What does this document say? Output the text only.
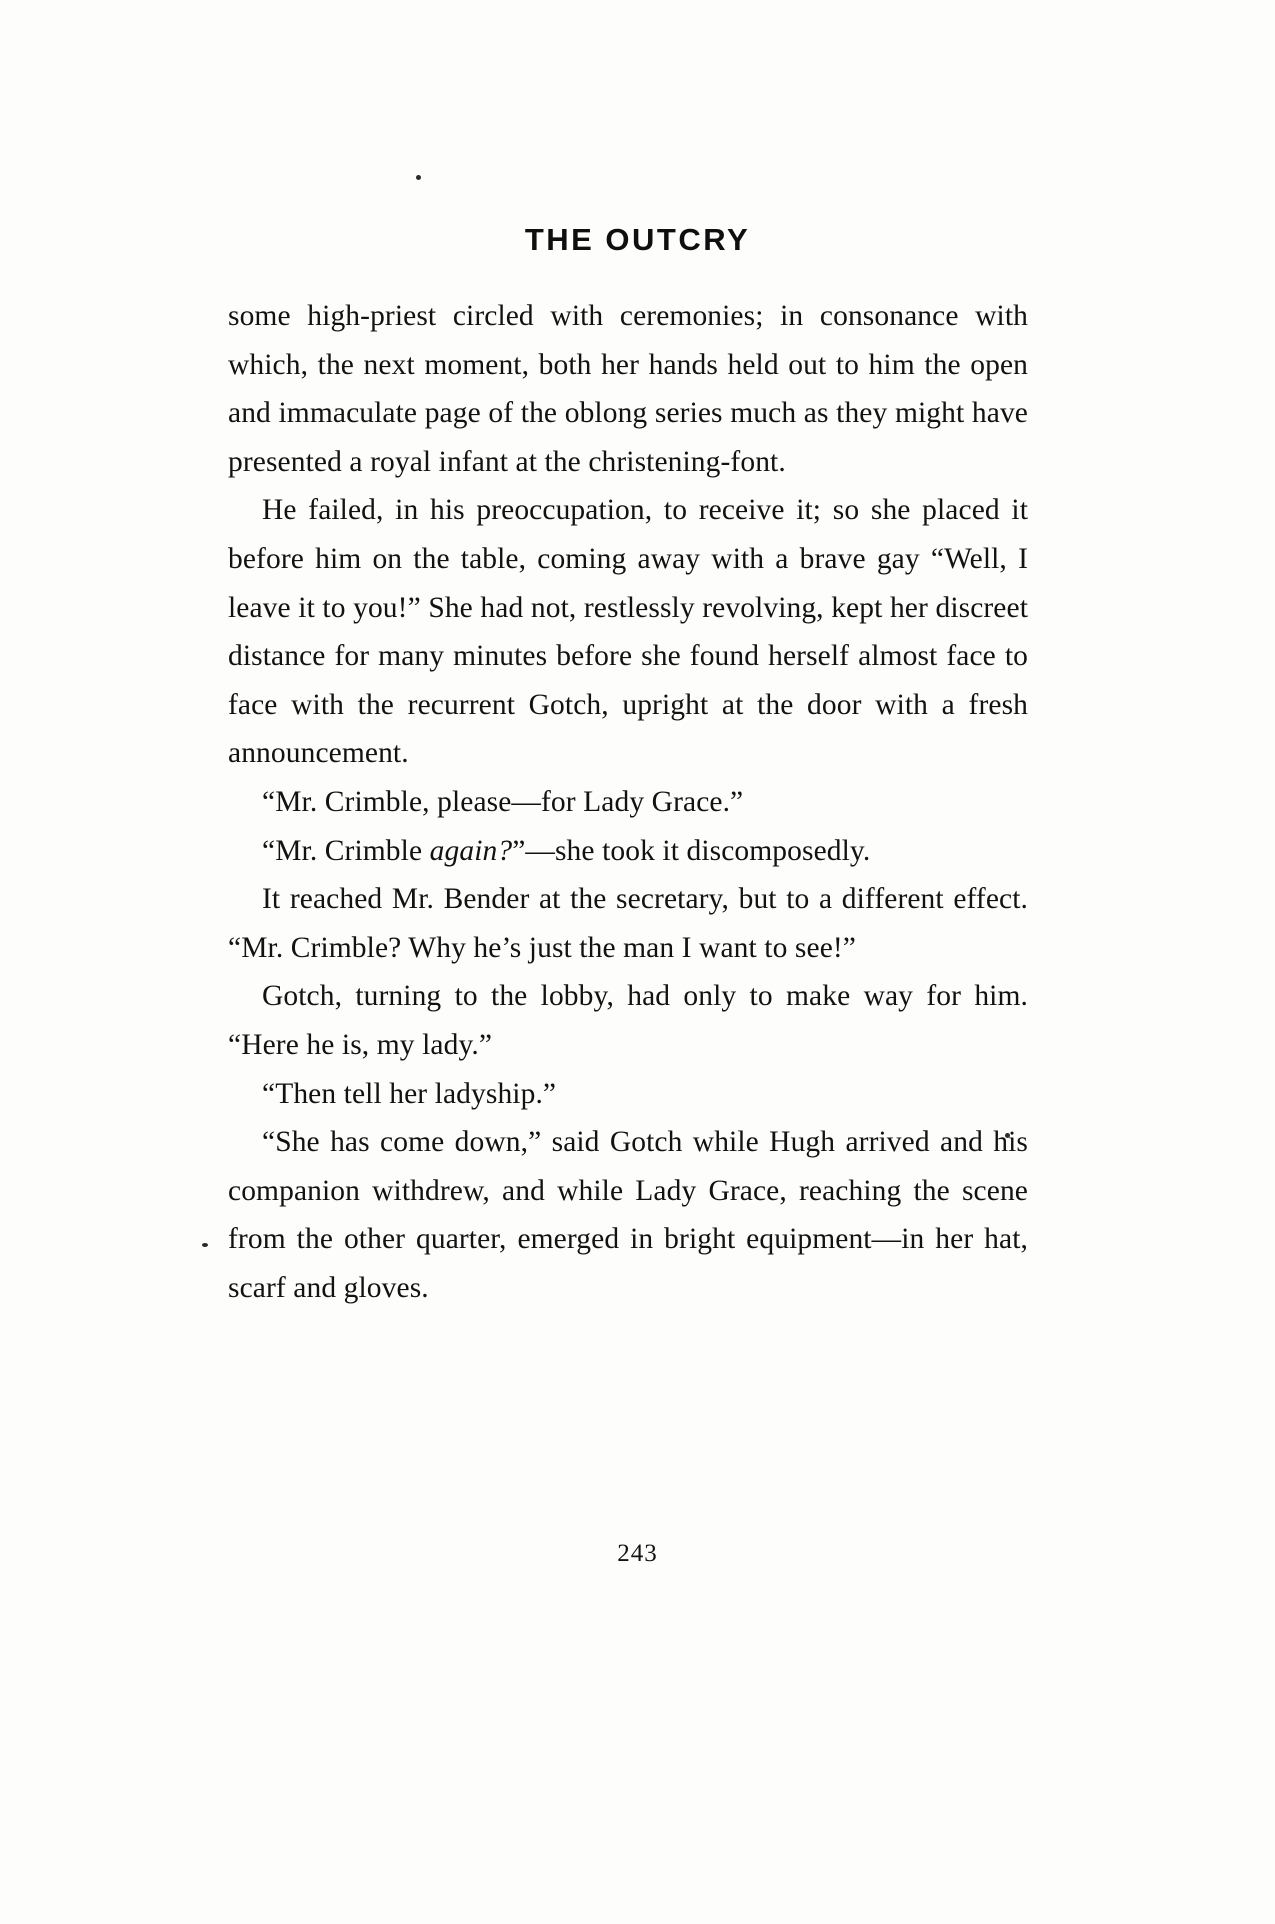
THE OUTCRY

some high-priest circled with ceremonies; in consonance with which, the next moment, both her hands held out to him the open and immaculate page of the oblong series much as they might have presented a royal infant at the christening-font.

He failed, in his preoccupation, to receive it; so she placed it before him on the table, coming away with a brave gay “Well, I leave it to you!” She had not, restlessly revolving, kept her discreet distance for many minutes before she found herself almost face to face with the recurrent Gotch, upright at the door with a fresh announcement.

“Mr. Crimble, please—for Lady Grace.”

“Mr. Crimble again?”—she took it discomposedly.

It reached Mr. Bender at the secretary, but to a different effect. “Mr. Crimble? Why he’s just the man I want to see!”

Gotch, turning to the lobby, had only to make way for him. “Here he is, my lady.”

“Then tell her ladyship.”

“She has come down,” said Gotch while Hugh arrived and his companion withdrew, and while Lady Grace, reaching the scene from the other quarter, emerged in bright equipment—in her hat, scarf and gloves.

243
